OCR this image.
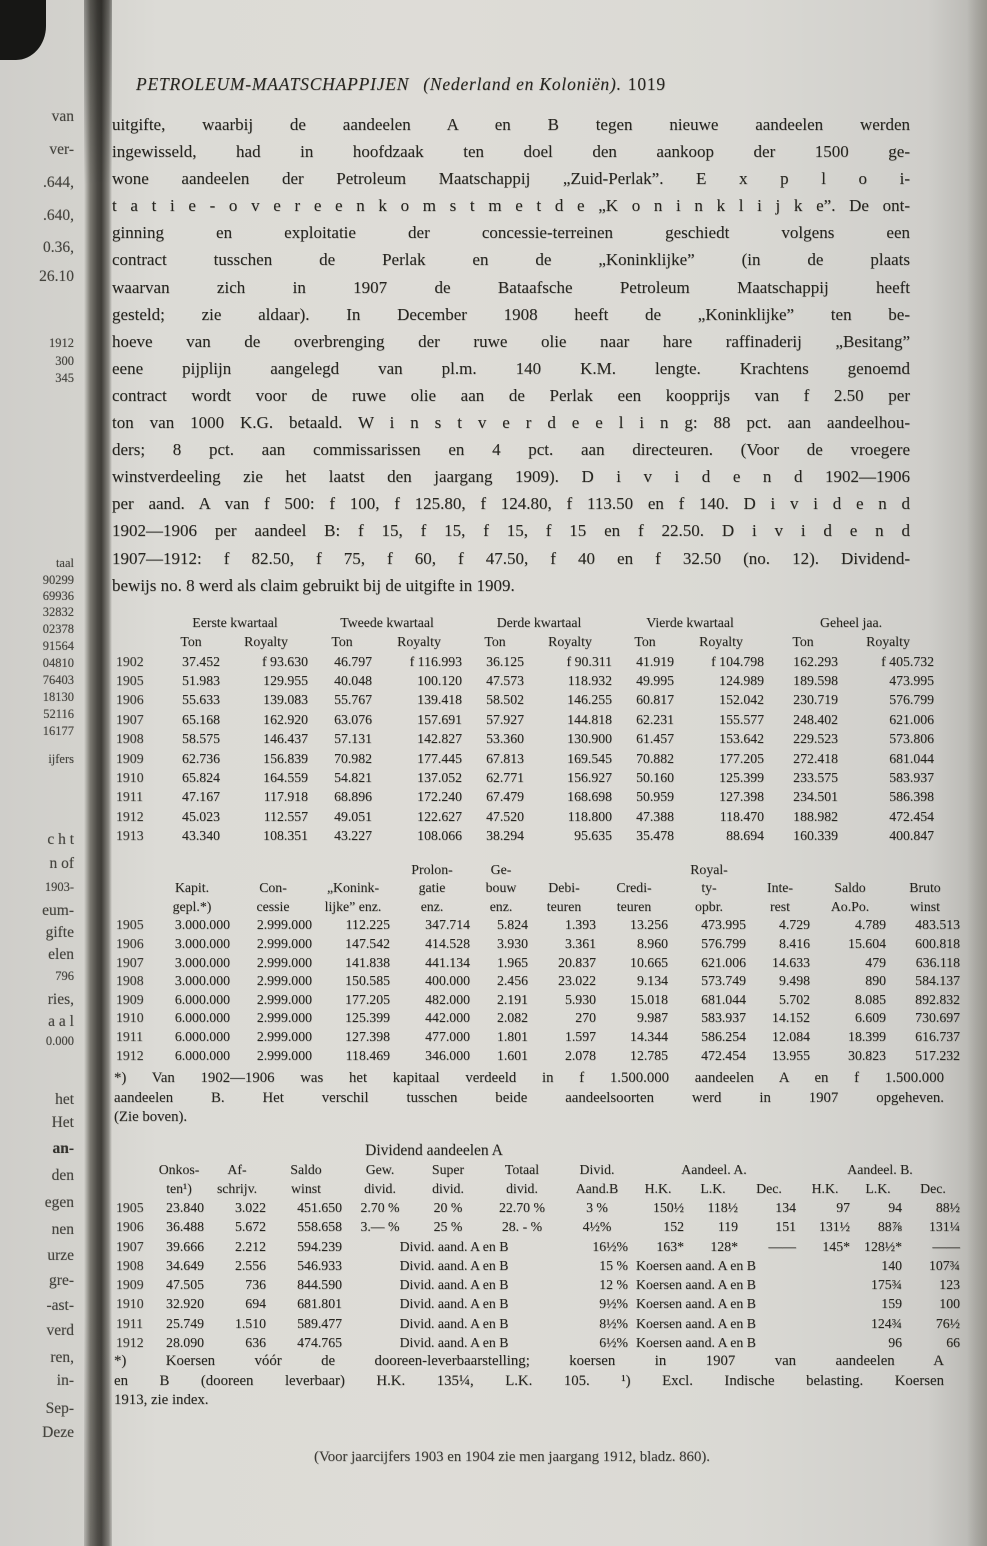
van
ver-
.644,
.640,
0.36,
26.10
1912
300
345
taal
90299
69936
32832
02378
91564
04810
76403
18130
52116
16177
ijfers
c h t
n of
1903-
eum-
gifte
elen
796
ries,
a a l
0.000
het
Het
an-
den
egen
nen
urze
gre-
-ast-
verd
ren,
in-
Sep-
Deze
PETROLEUM-MAATSCHAPPIJEN (Nederland en Koloniën). 1019
uitgifte, waarbij de aandeelen A en B tegen nieuwe aandeelen werden
ingewisseld, had in hoofdzaak ten doel den aankoop der 1500 ge-
wone aandeelen der Petroleum Maatschappij „Zuid-Perlak”. E x p l o i-
t a t i e - o v e r e e n k o m s t m e t d e „K o n i n k l i j k e”. De ont-
ginning en exploitatie der concessie-terreinen geschiedt volgens een
contract tusschen de Perlak en de „Koninklijke” (in de plaats
waarvan zich in 1907 de Bataafsche Petroleum Maatschappij heeft
gesteld; zie aldaar). In December 1908 heeft de „Koninklijke” ten be-
hoeve van de overbrenging der ruwe olie naar hare raffinaderij „Besitang”
eene pijplijn aangelegd van pl.m. 140 K.M. lengte. Krachtens genoemd
contract wordt voor de ruwe olie aan de Perlak een koopprijs van f 2.50 per
ton van 1000 K.G. betaald. W i n s t v e r d e e l i n g: 88 pct. aan aandeelhou-
ders; 8 pct. aan commissarissen en 4 pct. aan directeuren. (Voor de vroegere
winstverdeeling zie het laatst den jaargang 1909). D i v i d e n d 1902—1906
per aand. A van f 500: f 100, f 125.80, f 124.80, f 113.50 en f 140. D i v i d e n d
1902—1906 per aandeel B: f 15, f 15, f 15, f 15 en f 22.50. D i v i d e n d
1907—1912: f 82.50, f 75, f 60, f 47.50, f 40 en f 32.50 (no. 12). Dividend-
bewijs no. 8 werd als claim gebruikt bij de uitgifte in 1909.
	Eerste kwartaal		Tweede kwartaal		Derde kwartaal		Vierde kwartaal		Geheel jaa.	
	Ton	Royalty	Ton	Royalty	Ton	Royalty	Ton	Royalty	Ton	Royalty
1902	37.452	f 93.630	46.797	f 116.993	36.125	f 90.311	41.919	f 104.798	162.293	f 405.732
1905	51.983	129.955	40.048	100.120	47.573	118.932	49.995	124.989	189.598	473.995
1906	55.633	139.083	55.767	139.418	58.502	146.255	60.817	152.042	230.719	576.799
1907	65.168	162.920	63.076	157.691	57.927	144.818	62.231	155.577	248.402	621.006
1908	58.575	146.437	57.131	142.827	53.360	130.900	61.457	153.642	229.523	573.806
1909	62.736	156.839	70.982	177.445	67.813	169.545	70.882	177.205	272.418	681.044
1910	65.824	164.559	54.821	137.052	62.771	156.927	50.160	125.399	233.575	583.937
1911	47.167	117.918	68.896	172.240	67.479	168.698	50.959	127.398	234.501	586.398
1912	45.023	112.557	49.051	122.627	47.520	118.800	47.388	118.470	188.982	472.454
1913	43.340	108.351	43.227	108.066	38.294	95.635	35.478	88.694	160.339	400.847
				Prolon-	Ge-			Royal-			
	Kapit.	Con-	„Konink-	gatie	bouw	Debi-	Credi-	ty-	Inte-	Saldo	Bruto
	gepl.*)	cessie	lijke” enz.	enz.	enz.	teuren	teuren	opbr.	rest	Ao.Po.	winst
1905	3.000.000	2.999.000	112.225	347.714	5.824	1.393	13.256	473.995	4.729	4.789	483.513
1906	3.000.000	2.999.000	147.542	414.528	3.930	3.361	8.960	576.799	8.416	15.604	600.818
1907	3.000.000	2.999.000	141.838	441.134	1.965	20.837	10.665	621.006	14.633	479	636.118
1908	3.000.000	2.999.000	150.585	400.000	2.456	23.022	9.134	573.749	9.498	890	584.137
1909	6.000.000	2.999.000	177.205	482.000	2.191	5.930	15.018	681.044	5.702	8.085	892.832
1910	6.000.000	2.999.000	125.399	442.000	2.082	270	9.987	583.937	14.152	6.609	730.697
1911	6.000.000	2.999.000	127.398	477.000	1.801	1.597	14.344	586.254	12.084	18.399	616.737
1912	6.000.000	2.999.000	118.469	346.000	1.601	2.078	12.785	472.454	13.955	30.823	517.232
*) Van 1902—1906 was het kapitaal verdeeld in f 1.500.000 aandeelen A en f 1.500.000
aandeelen B. Het verschil tusschen beide aandeelsoorten werd in 1907 opgeheven.
(Zie boven).
Dividend aandeelen A
	Onkos-	Af-	Saldo	Gew.	Super	Totaal	Divid.	Aandeel. A.			Aandeel. B.		
	ten¹)	schrijv.	winst	divid.	divid.	divid.	Aand.B	H.K.	L.K.	Dec.	H.K.	L.K.	Dec.
1905	23.840	3.022	451.650	2.70 %	20 %	22.70 %	3 %	150½	118½	134	97	94	88½
1906	36.488	5.672	558.658	3.— %	25 %	28. - %	4½%	152	119	151	131½	88⅞	131¼
1907	39.666	2.212	594.239	Divid. aand. A en B			16½%	163*	128*	——	145*	128½*	——
1908	34.649	2.556	546.933	Divid. aand. A en B			15 %	Koersen aand. A en B				140	107¾
1909	47.505	736	844.590	Divid. aand. A en B			12 %	Koersen aand. A en B				175¾	123
1910	32.920	694	681.801	Divid. aand. A en B			9½%	Koersen aand. A en B				159	100
1911	25.749	1.510	589.477	Divid. aand. A en B			8½%	Koersen aand. A en B				124¾	76½
1912	28.090	636	474.765	Divid. aand. A en B			6½%	Koersen aand. A en B				96	66
*) Koersen vóór de dooreen-leverbaarstelling; koersen in 1907 van aandeelen A
en B (dooreen leverbaar) H.K. 135¼, L.K. 105. ¹) Excl. Indische belasting. Koersen
1913, zie index.
(Voor jaarcijfers 1903 en 1904 zie men jaargang 1912, bladz. 860).
